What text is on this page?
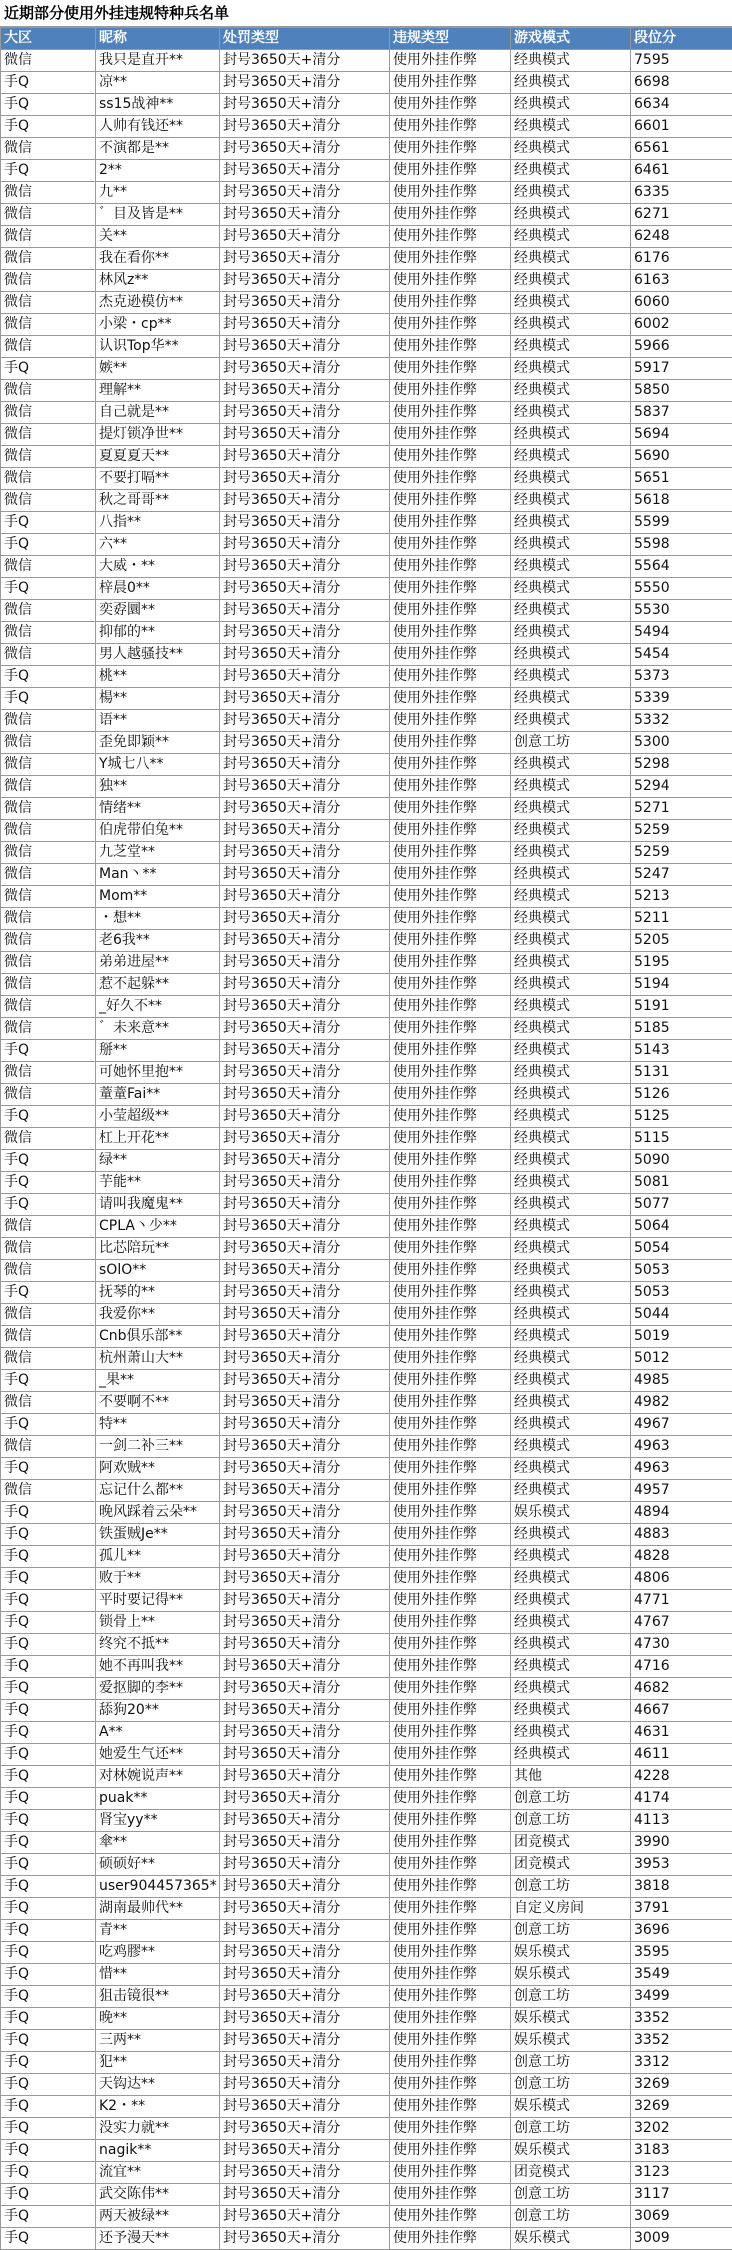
近期部分使用外挂违规特种兵名单
大区	昵称	处罚类型	违规类型	游戏模式	段位分
微信	我只是直开**	封号3650天+清分	使用外挂作弊	经典模式	7595
手Q	凉**	封号3650天+清分	使用外挂作弊	经典模式	6698
手Q	ss15战神**	封号3650天+清分	使用外挂作弊	经典模式	6634
手Q	人帅有钱还**	封号3650天+清分	使用外挂作弊	经典模式	6601
微信	不演都是**	封号3650天+清分	使用外挂作弊	经典模式	6561
手Q	2**	封号3650天+清分	使用外挂作弊	经典模式	6461
微信	九**	封号3650天+清分	使用外挂作弊	经典模式	6335
微信	゛目及皆是**	封号3650天+清分	使用外挂作弊	经典模式	6271
微信	关**	封号3650天+清分	使用外挂作弊	经典模式	6248
微信	我在看你**	封号3650天+清分	使用外挂作弊	经典模式	6176
微信	林风z**	封号3650天+清分	使用外挂作弊	经典模式	6163
微信	杰克逊模仿**	封号3650天+清分	使用外挂作弊	经典模式	6060
微信	小梁・cp**	封号3650天+清分	使用外挂作弊	经典模式	6002
微信	认识Top华**	封号3650天+清分	使用外挂作弊	经典模式	5966
手Q	嫉**	封号3650天+清分	使用外挂作弊	经典模式	5917
微信	理解**	封号3650天+清分	使用外挂作弊	经典模式	5850
微信	自己就是**	封号3650天+清分	使用外挂作弊	经典模式	5837
微信	提灯锁净世**	封号3650天+清分	使用外挂作弊	经典模式	5694
微信	夏夏夏天**	封号3650天+清分	使用外挂作弊	经典模式	5690
微信	不要打嗝**	封号3650天+清分	使用外挂作弊	经典模式	5651
微信	秋之哥哥**	封号3650天+清分	使用外挂作弊	经典模式	5618
手Q	八指**	封号3650天+清分	使用外挂作弊	经典模式	5599
手Q	六**	封号3650天+清分	使用外挂作弊	经典模式	5598
微信	大威・**	封号3650天+清分	使用外挂作弊	经典模式	5564
手Q	梓晨0**	封号3650天+清分	使用外挂作弊	经典模式	5550
微信	奕孬圜**	封号3650天+清分	使用外挂作弊	经典模式	5530
微信	抑郁的**	封号3650天+清分	使用外挂作弊	经典模式	5494
微信	男人越骚技**	封号3650天+清分	使用外挂作弊	经典模式	5454
手Q	桃**	封号3650天+清分	使用外挂作弊	经典模式	5373
手Q	楊**	封号3650天+清分	使用外挂作弊	经典模式	5339
微信	语**	封号3650天+清分	使用外挂作弊	经典模式	5332
微信	歪免即颖**	封号3650天+清分	使用外挂作弊	创意工坊	5300
微信	Y城七八**	封号3650天+清分	使用外挂作弊	经典模式	5298
微信	独**	封号3650天+清分	使用外挂作弊	经典模式	5294
微信	情绪**	封号3650天+清分	使用外挂作弊	经典模式	5271
微信	伯虎带伯兔**	封号3650天+清分	使用外挂作弊	经典模式	5259
微信	九芝堂**	封号3650天+清分	使用外挂作弊	经典模式	5259
微信	Man丶**	封号3650天+清分	使用外挂作弊	经典模式	5247
微信	Mom**	封号3650天+清分	使用外挂作弊	经典模式	5213
微信	・想**	封号3650天+清分	使用外挂作弊	经典模式	5211
微信	老6我**	封号3650天+清分	使用外挂作弊	经典模式	5205
微信	弟弟进屋**	封号3650天+清分	使用外挂作弊	经典模式	5195
微信	惹不起躲**	封号3650天+清分	使用外挂作弊	经典模式	5194
微信	_好久不**	封号3650天+清分	使用外挂作弊	经典模式	5191
微信	゛未来意**	封号3650天+清分	使用外挂作弊	经典模式	5185
手Q	掰**	封号3650天+清分	使用外挂作弊	经典模式	5143
微信	可她怀里抱**	封号3650天+清分	使用外挂作弊	经典模式	5131
微信	蕫蕫Fai**	封号3650天+清分	使用外挂作弊	经典模式	5126
手Q	小莹超级**	封号3650天+清分	使用外挂作弊	经典模式	5125
微信	杠上开花**	封号3650天+清分	使用外挂作弊	经典模式	5115
手Q	绿**	封号3650天+清分	使用外挂作弊	经典模式	5090
手Q	芋能**	封号3650天+清分	使用外挂作弊	经典模式	5081
手Q	请叫我魔鬼**	封号3650天+清分	使用外挂作弊	经典模式	5077
微信	CPLA丶少**	封号3650天+清分	使用外挂作弊	经典模式	5064
微信	比芯陪玩**	封号3650天+清分	使用外挂作弊	经典模式	5054
微信	sOlO**	封号3650天+清分	使用外挂作弊	经典模式	5053
手Q	抚琴的**	封号3650天+清分	使用外挂作弊	经典模式	5053
微信	我爱你**	封号3650天+清分	使用外挂作弊	经典模式	5044
微信	Cnb俱乐部**	封号3650天+清分	使用外挂作弊	经典模式	5019
微信	杭州萧山大**	封号3650天+清分	使用外挂作弊	经典模式	5012
手Q	_果**	封号3650天+清分	使用外挂作弊	经典模式	4985
微信	不要啊不**	封号3650天+清分	使用外挂作弊	经典模式	4982
手Q	特**	封号3650天+清分	使用外挂作弊	经典模式	4967
微信	一剑二补三**	封号3650天+清分	使用外挂作弊	经典模式	4963
手Q	阿欢贼**	封号3650天+清分	使用外挂作弊	经典模式	4963
微信	忘记什么都**	封号3650天+清分	使用外挂作弊	经典模式	4957
手Q	晚风踩着云朵**	封号3650天+清分	使用外挂作弊	娱乐模式	4894
手Q	铁蛋贼Je**	封号3650天+清分	使用外挂作弊	经典模式	4883
手Q	孤儿**	封号3650天+清分	使用外挂作弊	经典模式	4828
手Q	败于**	封号3650天+清分	使用外挂作弊	经典模式	4806
手Q	平时要记得**	封号3650天+清分	使用外挂作弊	经典模式	4771
手Q	锁骨上**	封号3650天+清分	使用外挂作弊	经典模式	4767
手Q	终究不抵**	封号3650天+清分	使用外挂作弊	经典模式	4730
手Q	她不再叫我**	封号3650天+清分	使用外挂作弊	经典模式	4716
手Q	爱抠脚的李**	封号3650天+清分	使用外挂作弊	经典模式	4682
手Q	舔狗20**	封号3650天+清分	使用外挂作弊	经典模式	4667
手Q	A**	封号3650天+清分	使用外挂作弊	经典模式	4631
手Q	她爱生气还**	封号3650天+清分	使用外挂作弊	经典模式	4611
手Q	对林婉说声**	封号3650天+清分	使用外挂作弊	其他	4228
手Q	puak**	封号3650天+清分	使用外挂作弊	创意工坊	4174
手Q	肾宝yy**	封号3650天+清分	使用外挂作弊	创意工坊	4113
手Q	傘**	封号3650天+清分	使用外挂作弊	团竞模式	3990
手Q	硕硕好**	封号3650天+清分	使用外挂作弊	团竞模式	3953
手Q	user904457365*	封号3650天+清分	使用外挂作弊	创意工坊	3818
手Q	湖南最帅代**	封号3650天+清分	使用外挂作弊	自定义房间	3791
手Q	青**	封号3650天+清分	使用外挂作弊	创意工坊	3696
手Q	吃鸡膠**	封号3650天+清分	使用外挂作弊	娱乐模式	3595
手Q	惜**	封号3650天+清分	使用外挂作弊	娱乐模式	3549
手Q	狙击镜很**	封号3650天+清分	使用外挂作弊	创意工坊	3499
手Q	晚**	封号3650天+清分	使用外挂作弊	娱乐模式	3352
手Q	三两**	封号3650天+清分	使用外挂作弊	娱乐模式	3352
手Q	犯**	封号3650天+清分	使用外挂作弊	创意工坊	3312
手Q	天钩达**	封号3650天+清分	使用外挂作弊	创意工坊	3269
手Q	K2・**	封号3650天+清分	使用外挂作弊	娱乐模式	3269
手Q	没实力就**	封号3650天+清分	使用外挂作弊	创意工坊	3202
手Q	nagik**	封号3650天+清分	使用外挂作弊	娱乐模式	3183
手Q	流宜**	封号3650天+清分	使用外挂作弊	团竞模式	3123
手Q	武交陈伟**	封号3650天+清分	使用外挂作弊	创意工坊	3117
手Q	两天被绿**	封号3650天+清分	使用外挂作弊	创意工坊	3069
手Q	还予漫天**	封号3650天+清分	使用外挂作弊	娱乐模式	3009
